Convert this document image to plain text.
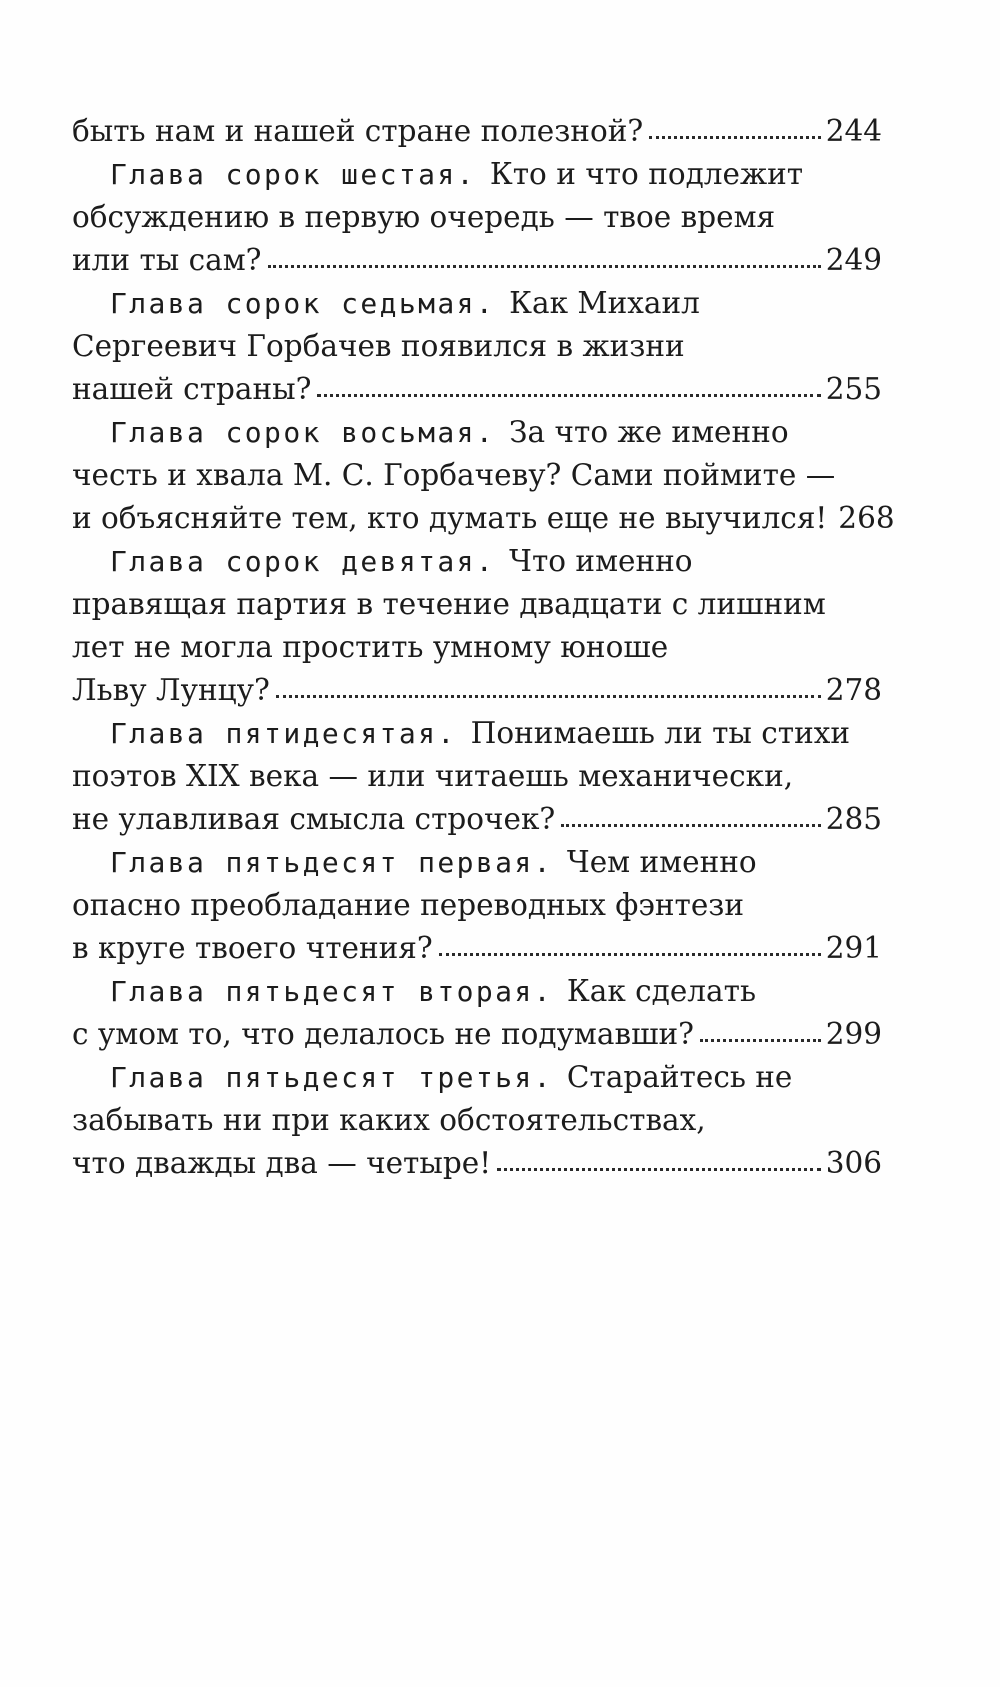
быть нам и нашей стране полезной?	244
Глава сорок шестая. Кто и что подлежит
обсуждению в первую очередь — твое время
или ты сам?	249
Глава сорок седьмая. Как Михаил
Сергеевич Горбачев появился в жизни
нашей страны?	255
Глава сорок восьмая. За что же именно
честь и хвала М. С. Горбачеву? Сами поймите —
и объясняйте тем, кто думать еще не выучился! 268
Глава сорок девятая. Что именно
правящая партия в течение двадцати с лишним
лет не могла простить умному юноше
Льву Лунцу?	278
Глава пятидесятая. Понимаешь ли ты стихи
поэтов XIX века — или читаешь механически,
не улавливая смысла строчек?	285
Глава пятьдесят первая. Чем именно
опасно преобладание переводных фэнтези
в круге твоего чтения?	291
Глава пятьдесят вторая. Как сделать
с умом то, что делалось не подумавши?	299
Глава пятьдесят третья. Старайтесь не
забывать ни при каких обстоятельствах,
что дважды два — четыре!	306
